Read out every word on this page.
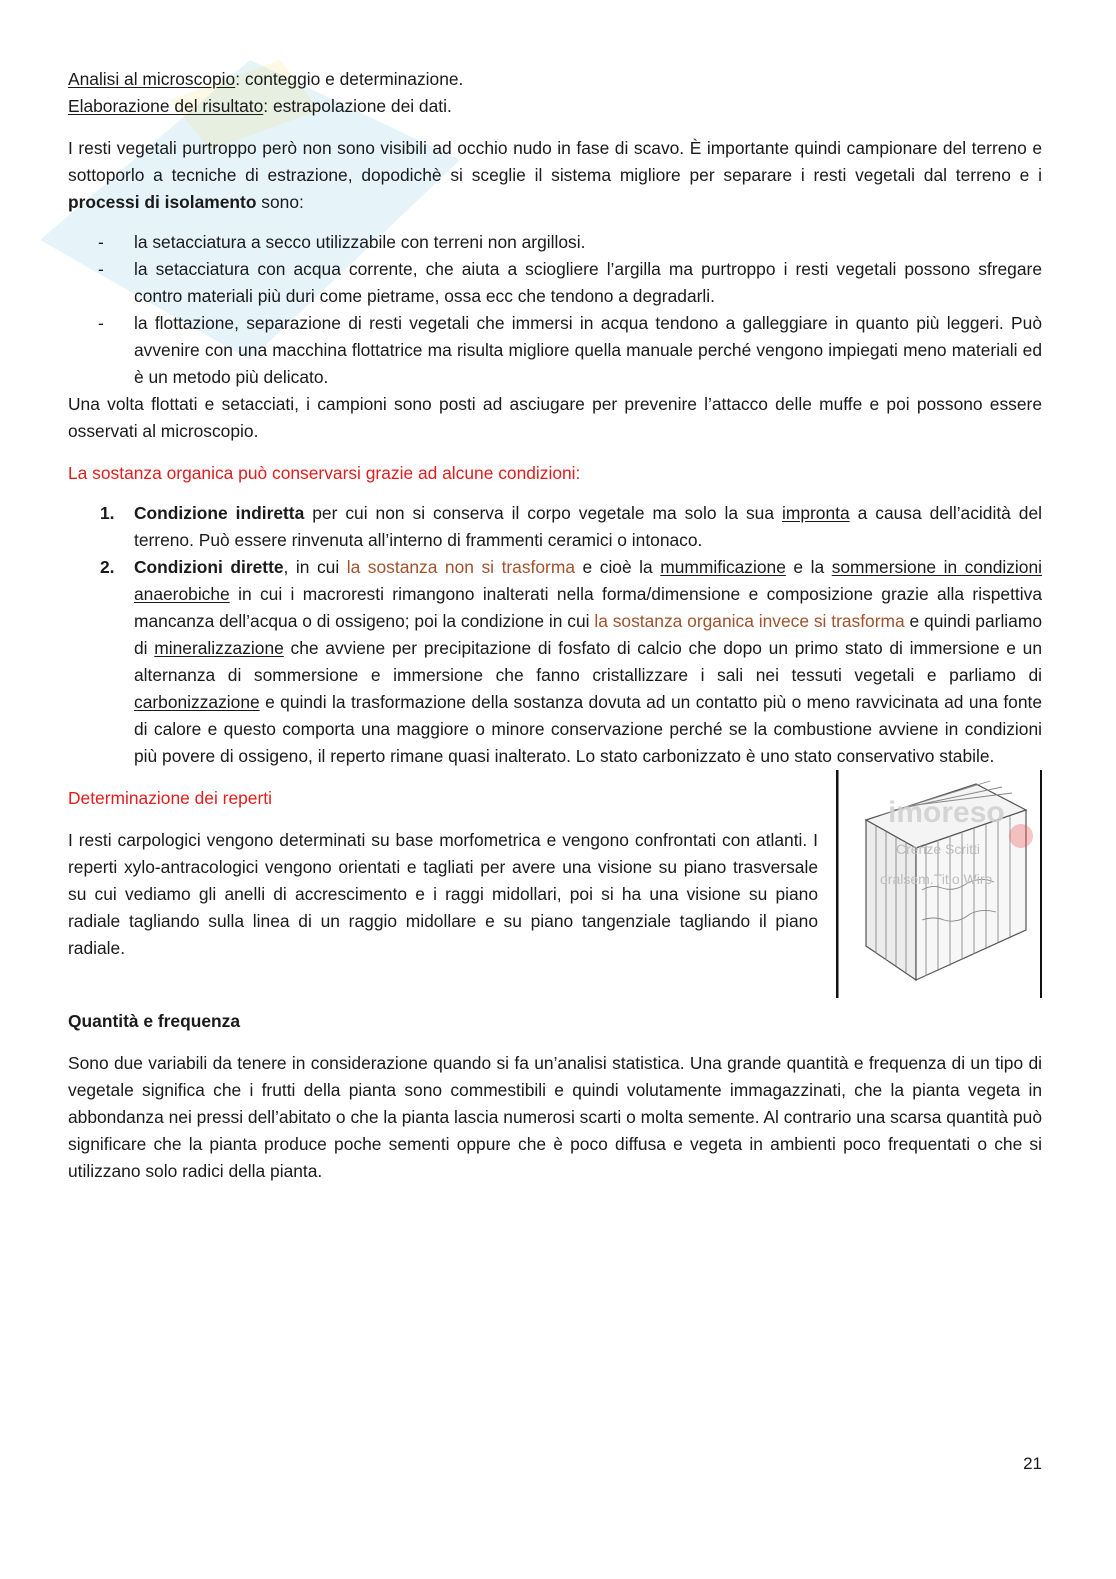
Analisi al microscopio: conteggio e determinazione.

Elaborazione del risultato: estrapolazione dei dati.

I resti vegetali purtroppo però non sono visibili ad occhio nudo in fase di scavo. È importante quindi campionare del terreno e sottoporlo a tecniche di estrazione, dopodichè si sceglie il sistema migliore per separare i resti vegetali dal terreno e i processi di isolamento sono:

- la setacciatura a secco utilizzabile con terreni non argillosi.
- la setacciatura con acqua corrente, che aiuta a sciogliere l’argilla ma purtroppo i resti vegetali possono sfregare contro materiali più duri come pietrame, ossa ecc che tendono a degradarli.
- la flottazione, separazione di resti vegetali che immersi in acqua tendono a galleggiare in quanto più leggeri. Può avvenire con una macchina flottatrice ma risulta migliore quella manuale perché vengono impiegati meno materiali ed è un metodo più delicato.

Una volta flottati e setacciati, i campioni sono posti ad asciugare per prevenire l’attacco delle muffe e poi possono essere osservati al microscopio.

La sostanza organica può conservarsi grazie ad alcune condizioni:

1. Condizione indiretta per cui non si conserva il corpo vegetale ma solo la sua impronta a causa dell’acidità del terreno. Può essere rinvenuta all’interno di frammenti ceramici o intonaco.
2. Condizioni dirette, in cui la sostanza non si trasforma e cioè la mummificazione e la sommersione in condizioni anaerobiche in cui i macroresti rimangono inalterati nella forma/dimensione e composizione grazie alla rispettiva mancanza dell’acqua o di ossigeno; poi la condizione in cui la sostanza organica invece si trasforma e quindi parliamo di mineralizzazione che avviene per precipitazione di fosfato di calcio che dopo un primo stato di immersione e un alternanza di sommersione e immersione che fanno cristallizzare i sali nei tessuti vegetali e parliamo di carbonizzazione e quindi la trasformazione della sostanza dovuta ad un contatto più o meno ravvicinata ad una fonte di calore e questo comporta una maggiore o minore conservazione perché se la combustione avviene in condizioni più povere di ossigeno, il reperto rimane quasi inalterato. Lo stato carbonizzato è uno stato conservativo stabile.
imoreso
Crenze Scritti
oralsem.Titio Wiro

Determinazione dei reperti

I resti carpologici vengono determinati su base morfometrica e vengono confrontati con atlanti. I reperti xylo-antracologici vengono orientati e tagliati per avere una visione su piano trasversale su cui vediamo gli anelli di accrescimento e i raggi midollari, poi si ha una visione su piano radiale tagliando sulla linea di un raggio midollare e su piano tangenziale tagliando il piano radiale.

Quantità e frequenza

Sono due variabili da tenere in considerazione quando si fa un’analisi statistica. Una grande quantità e frequenza di un tipo di vegetale significa che i frutti della pianta sono commestibili e quindi volutamente immagazzinati, che la pianta vegeta in abbondanza nei pressi dell’abitato o che la pianta lascia numerosi scarti o molta semente. Al contrario una scarsa quantità può significare che la pianta produce poche sementi oppure che è poco diffusa e vegeta in ambienti poco frequentati o che si utilizzano solo radici della pianta.

21
